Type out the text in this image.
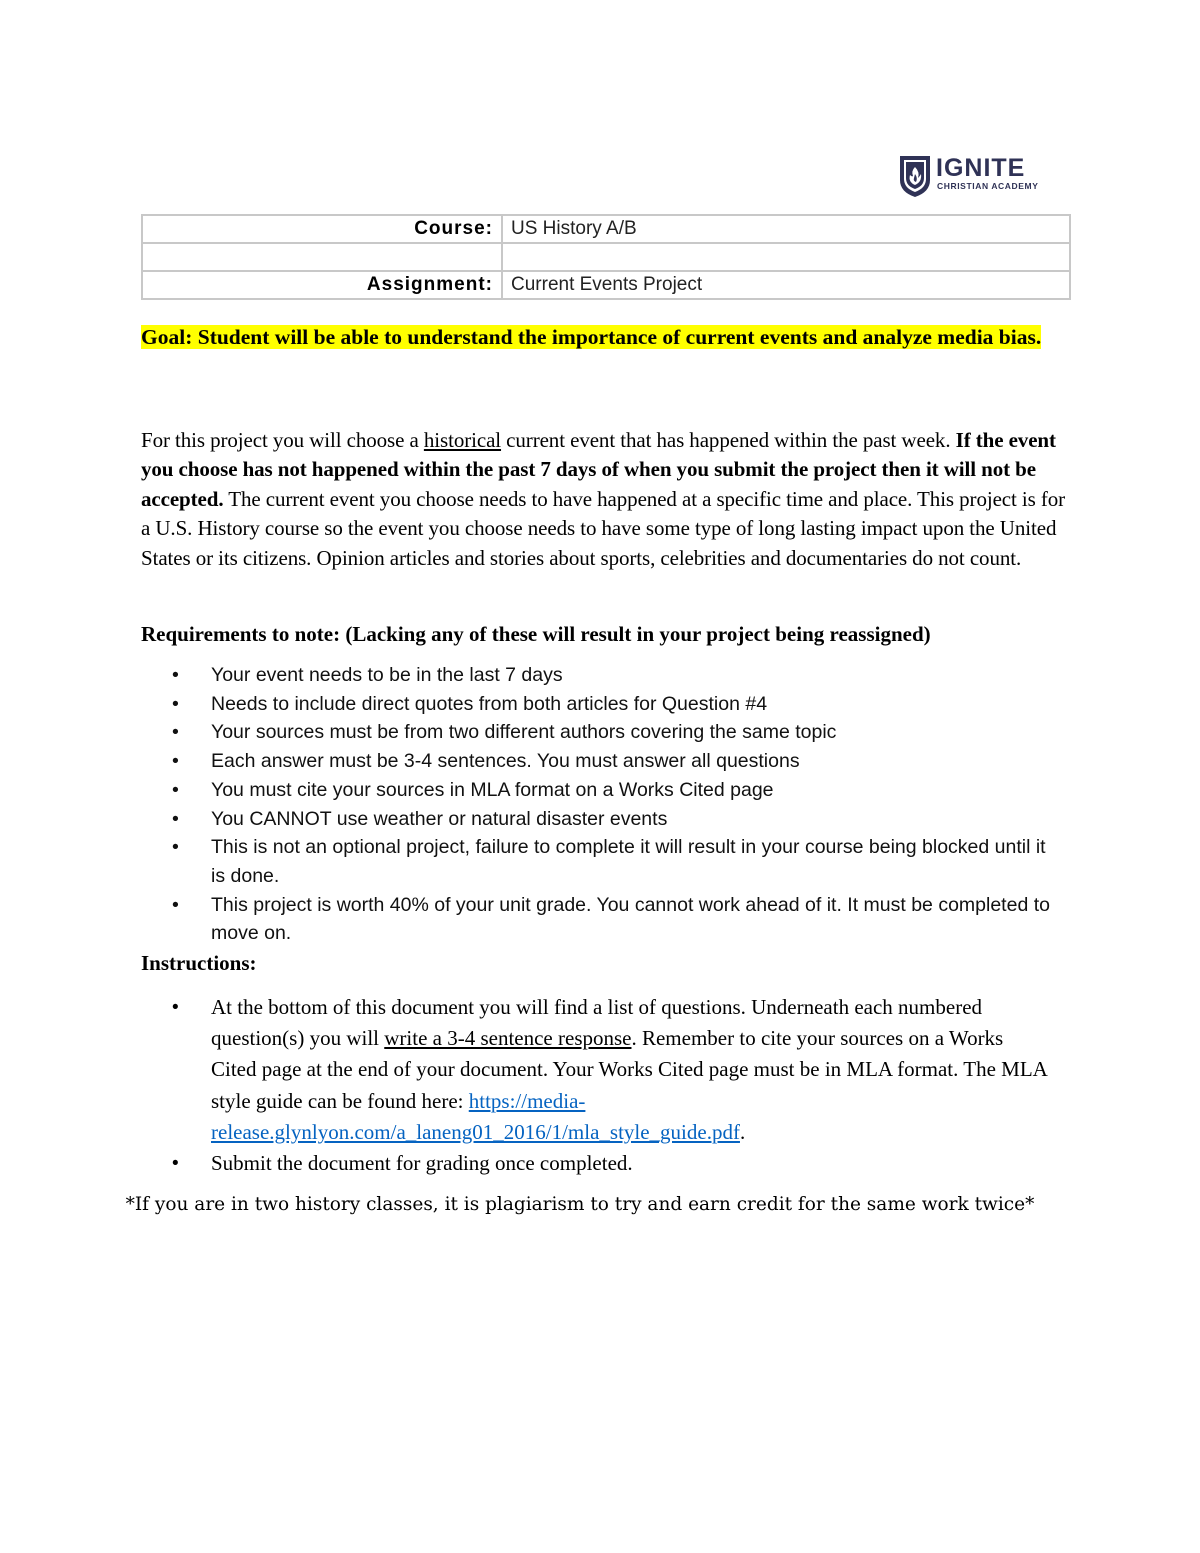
IGNITE
CHRISTIAN ACADEMY
Course:	US History A/B

Assignment:	Current Events Project
Goal: Student will be able to understand the importance of current events and analyze media bias.
For this project you will choose a historical current event that has happened within the past week. If the event you choose has not happened within the past 7 days of when you submit the project then it will not be accepted. The current event you choose needs to have happened at a specific time and place. This project is for a U.S. History course so the event you choose needs to have some type of long lasting impact upon the United States or its citizens. Opinion articles and stories about sports, celebrities and documentaries do not count.
Requirements to note: (Lacking any of these will result in your project being reassigned)
• Your event needs to be in the last 7 days
• Needs to include direct quotes from both articles for Question #4
• Your sources must be from two different authors covering the same topic
• Each answer must be 3-4 sentences. You must answer all questions
• You must cite your sources in MLA format on a Works Cited page
• You CANNOT use weather or natural disaster events
• This is not an optional project, failure to complete it will result in your course being blocked until it is done.
• This project is worth 40% of your unit grade. You cannot work ahead of it. It must be completed to move on.
Instructions:
• At the bottom of this document you will find a list of questions. Underneath each numbered question(s) you will write a 3-4 sentence response. Remember to cite your sources on a Works Cited page at the end of your document. Your Works Cited page must be in MLA format. The MLA style guide can be found here: https://media-release.glynlyon.com/a_laneng01_2016/1/mla_style_guide.pdf.
• Submit the document for grading once completed.
*If you are in two history classes, it is plagiarism to try and earn credit for the same work twice*
